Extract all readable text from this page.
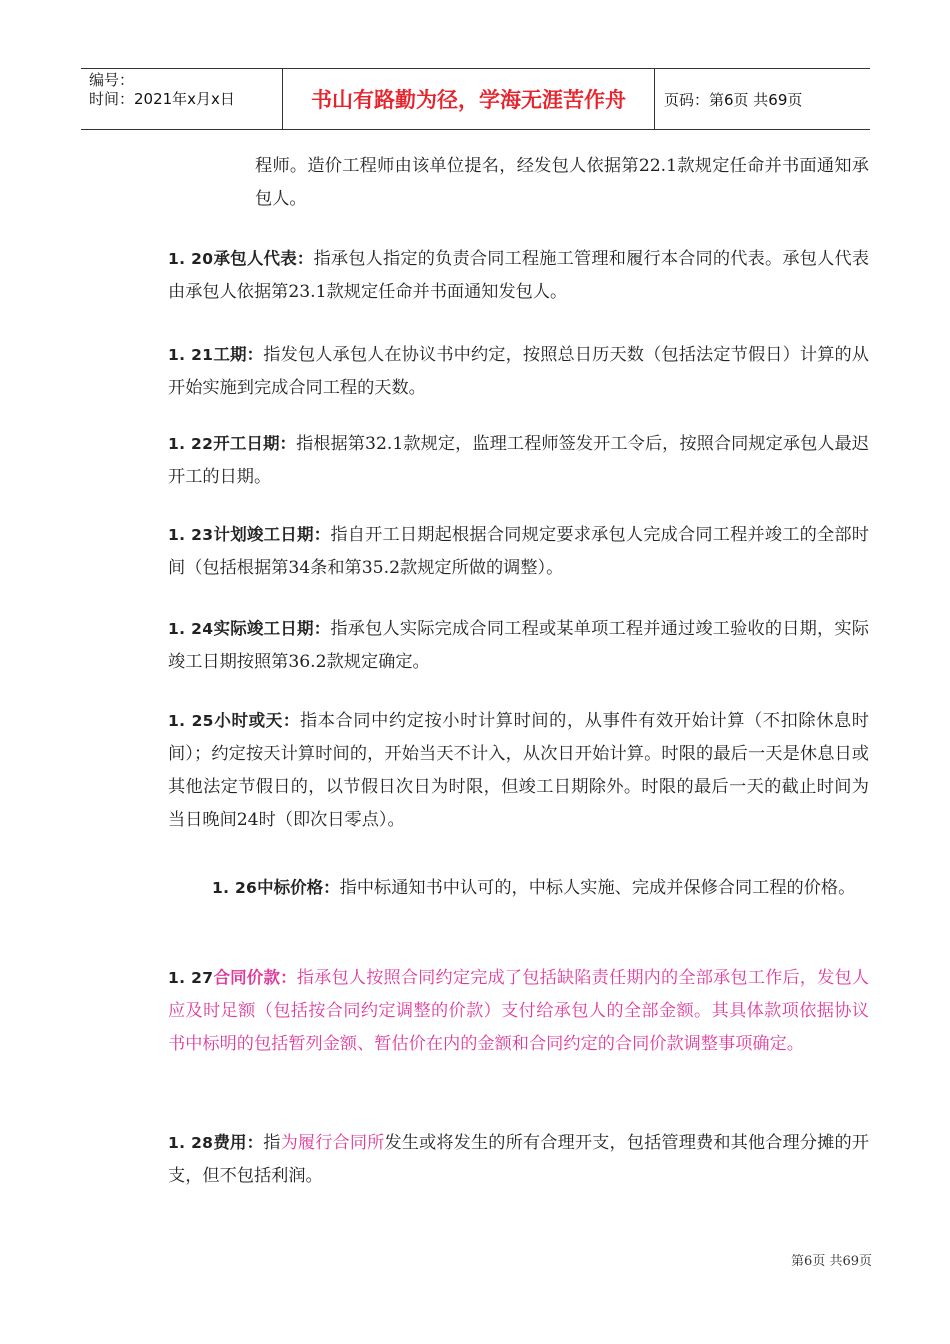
编号：
时间：2021年x月x日	书山有路勤为径，学海无涯苦作舟	页码：第6页 共69页
程师。造价工程师由该单位提名，经发包人依据第22.1款规定任命并书面通知承包人。
1. 20承包人代表：指承包人指定的负责合同工程施工管理和履行本合同的代表。承包人代表由承包人依据第23.1款规定任命并书面通知发包人。
1. 21工期：指发包人承包人在协议书中约定，按照总日历天数（包括法定节假日）计算的从开始实施到完成合同工程的天数。
1. 22开工日期：指根据第32.1款规定，监理工程师签发开工令后，按照合同规定承包人最迟开工的日期。
1. 23计划竣工日期：指自开工日期起根据合同规定要求承包人完成合同工程并竣工的全部时间（包括根据第34条和第35.2款规定所做的调整）。
1. 24实际竣工日期：指承包人实际完成合同工程或某单项工程并通过竣工验收的日期，实际竣工日期按照第36.2款规定确定。
1. 25小时或天：指本合同中约定按小时计算时间的，从事件有效开始计算（不扣除休息时间）；约定按天计算时间的，开始当天不计入，从次日开始计算。时限的最后一天是休息日或其他法定节假日的，以节假日次日为时限，但竣工日期除外。时限的最后一天的截止时间为当日晚间24时（即次日零点）。
1. 26中标价格：指中标通知书中认可的，中标人实施、完成并保修合同工程的价格。
1. 27合同价款：指承包人按照合同约定完成了包括缺陷责任期内的全部承包工作后，发包人应及时足额（包括按合同约定调整的价款）支付给承包人的全部金额。其具体款项依据协议书中标明的包括暂列金额、暂估价在内的金额和合同约定的合同价款调整事项确定。
1. 28费用：指为履行合同所发生或将发生的所有合理开支，包括管理费和其他合理分摊的开支，但不包括利润。
第6页 共69页
